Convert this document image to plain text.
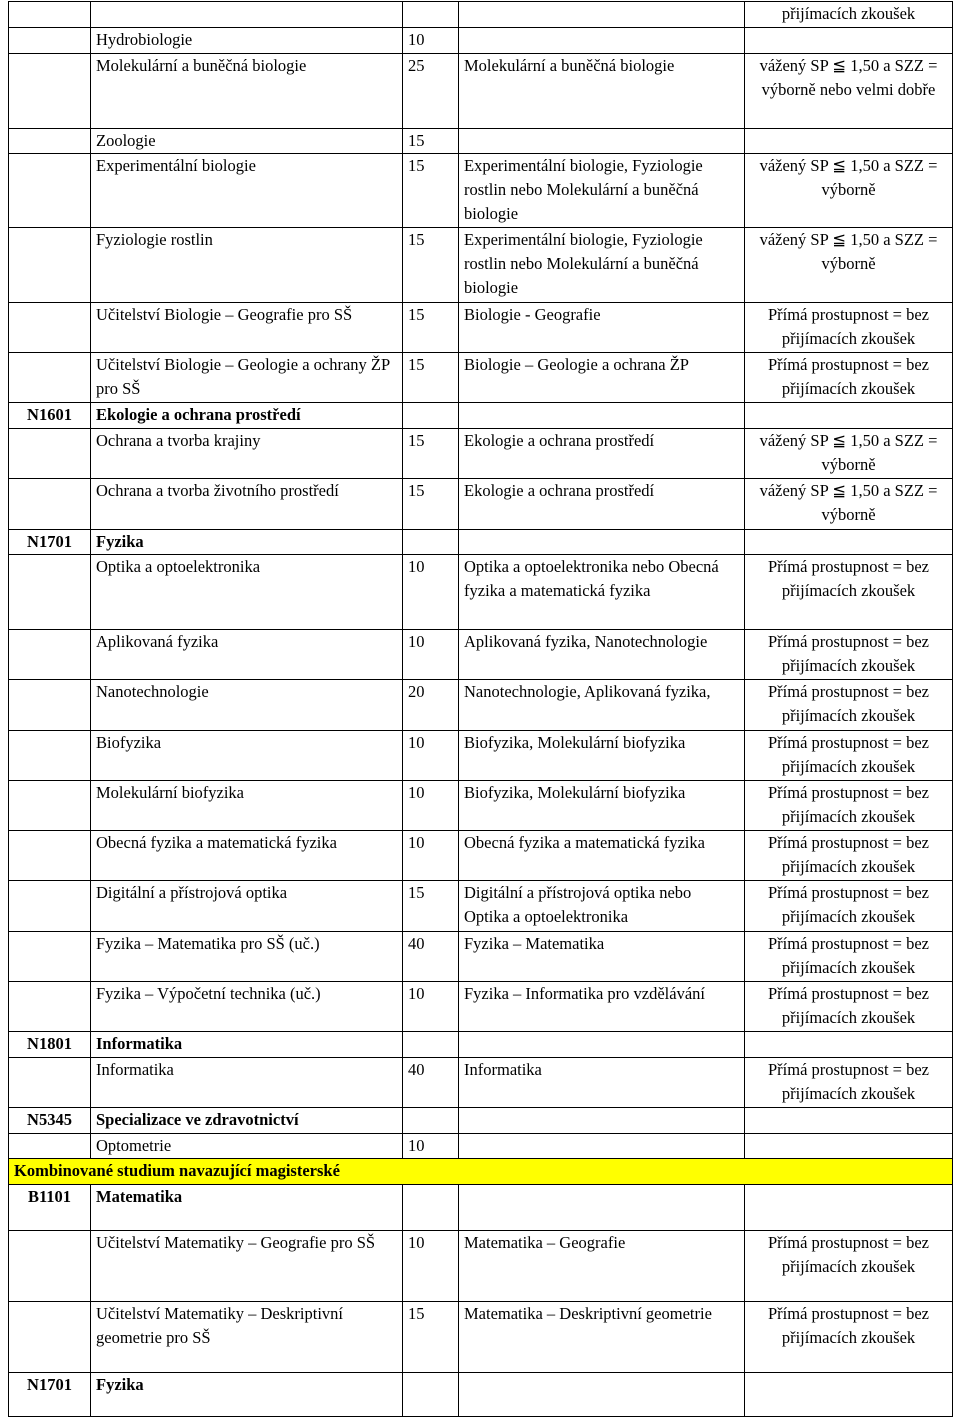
				přijímacích zkoušek
	Hydrobiologie	10		
	Molekulární a buněčná biologie	25	Molekulární a buněčná biologie	vážený SP ≦ 1,50 a SZZ = výborně nebo velmi dobře
	Zoologie	15		
	Experimentální biologie	15	Experimentální biologie, Fyziologie rostlin nebo Molekulární a buněčná biologie	vážený SP ≦ 1,50 a SZZ = výborně
	Fyziologie rostlin	15	Experimentální biologie, Fyziologie rostlin nebo Molekulární a buněčná biologie	vážený SP ≦ 1,50 a SZZ = výborně
	Učitelství Biologie – Geografie pro SŠ	15	Biologie - Geografie	Přímá prostupnost = bez přijímacích zkoušek
	Učitelství Biologie – Geologie a ochrany ŽP pro SŠ	15	Biologie – Geologie a ochrana ŽP	Přímá prostupnost = bez přijímacích zkoušek
N1601	Ekologie a ochrana prostředí			
	Ochrana a tvorba krajiny	15	Ekologie a ochrana prostředí	vážený SP ≦ 1,50 a SZZ = výborně
	Ochrana a tvorba životního prostředí	15	Ekologie a ochrana prostředí	vážený SP ≦ 1,50 a SZZ = výborně
N1701	Fyzika			
	Optika a optoelektronika	10	Optika a optoelektronika nebo Obecná fyzika a matematická fyzika	Přímá prostupnost = bez přijímacích zkoušek
	Aplikovaná fyzika	10	Aplikovaná fyzika, Nanotechnologie	Přímá prostupnost = bez přijímacích zkoušek
	Nanotechnologie	20	Nanotechnologie, Aplikovaná fyzika,	Přímá prostupnost = bez přijímacích zkoušek
	Biofyzika	10	Biofyzika, Molekulární biofyzika	Přímá prostupnost = bez přijímacích zkoušek
	Molekulární biofyzika	10	Biofyzika, Molekulární biofyzika	Přímá prostupnost = bez přijímacích zkoušek
	Obecná fyzika a matematická fyzika	10	Obecná fyzika a matematická fyzika	Přímá prostupnost = bez přijímacích zkoušek
	Digitální a přístrojová optika	15	Digitální a přístrojová optika nebo Optika a optoelektronika	Přímá prostupnost = bez přijímacích zkoušek
	Fyzika – Matematika pro SŠ (uč.)	40	Fyzika – Matematika	Přímá prostupnost = bez přijímacích zkoušek
	Fyzika – Výpočetní technika (uč.)	10	Fyzika – Informatika pro vzdělávání	Přímá prostupnost = bez přijímacích zkoušek
N1801	Informatika			
	Informatika	40	Informatika	Přímá prostupnost = bez přijímacích zkoušek
N5345	Specializace ve zdravotnictví			
	Optometrie	10		
Kombinované studium navazující magisterské				
B1101	Matematika			
	Učitelství Matematiky – Geografie pro SŠ	10	Matematika – Geografie	Přímá prostupnost = bez přijímacích zkoušek
	Učitelství Matematiky – Deskriptivní geometrie pro SŠ	15	Matematika – Deskriptivní geometrie	Přímá prostupnost = bez přijímacích zkoušek
N1701	Fyzika			
